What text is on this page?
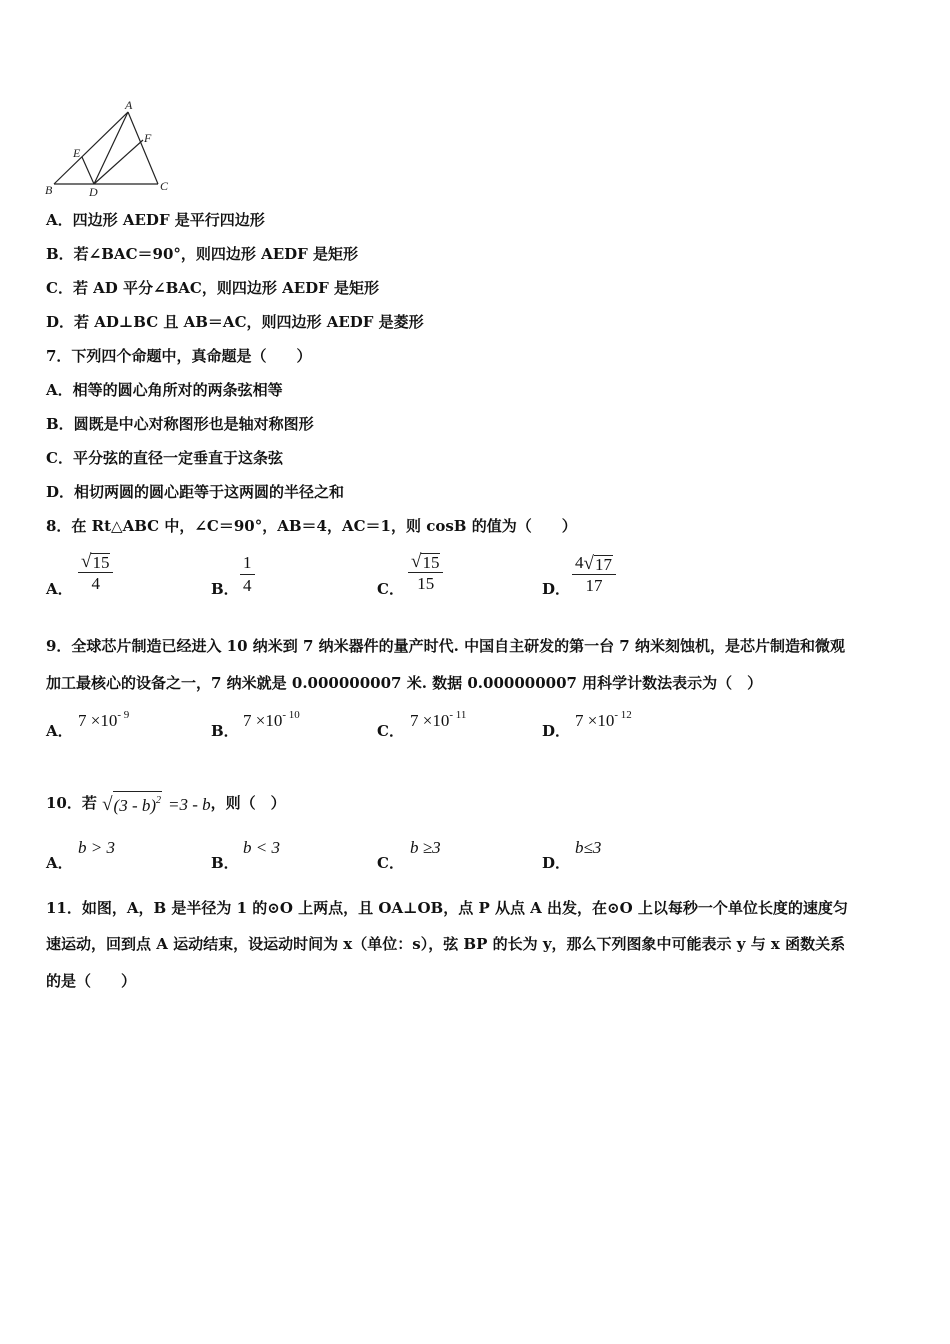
A
B	C
D
E
F
A．四边形 AEDF 是平行四边形
B．若∠BAC＝90°，则四边形 AEDF 是矩形
C．若 AD 平分∠BAC，则四边形 AEDF 是矩形
D．若 AD⊥BC 且 AB＝AC，则四边形 AEDF 是菱形
7．下列四个命题中，真命题是（　　）
A．相等的圆心角所对的两条弦相等
B．圆既是中心对称图形也是轴对称图形
C．平分弦的直径一定垂直于这条弦
D．相切两圆的圆心距等于这两圆的半径之和
8．在 Rt△ABC 中，∠C＝90°，AB＝4，AC＝1，则 cosB 的值为（　　）
A．
√ 15
4	B．
1
4	C．
√ 15
15	D．
4 √ 17
17
9．全球芯片制造已经进入 10 纳米到 7 纳米器件的量产时代. 中国自主研发的第一台 7 纳米刻蚀机，是芯片制造和微观
加工最核心的设备之一，7 纳米就是 0.000000007 米. 数据 0.000000007 用科学计数法表示为（　）
A．
$7 \times 10^{- 9}$
B．
$7 \times 10^{- 10}$
C．
$7 \times 10^{- 11}$
D．
$7 \times 10^{- 12}$
10．若 √ (3 - b)$^2$ =3 - b ，则（　）
A．
b > 3
B．
b < 3
C．
b ≥3
D．
b≤3
11．如图，A，B 是半径为 1 的⊙O 上两点，且 OA⊥OB，点 P 从点 A 出发，在⊙O 上以每秒一个单位长度的速度匀
速运动，回到点 A 运动结束，设运动时间为 x（单位：s），弦 BP 的长为 y，那么下列图象中可能表示 y 与 x 函数关系
的是（　　）
